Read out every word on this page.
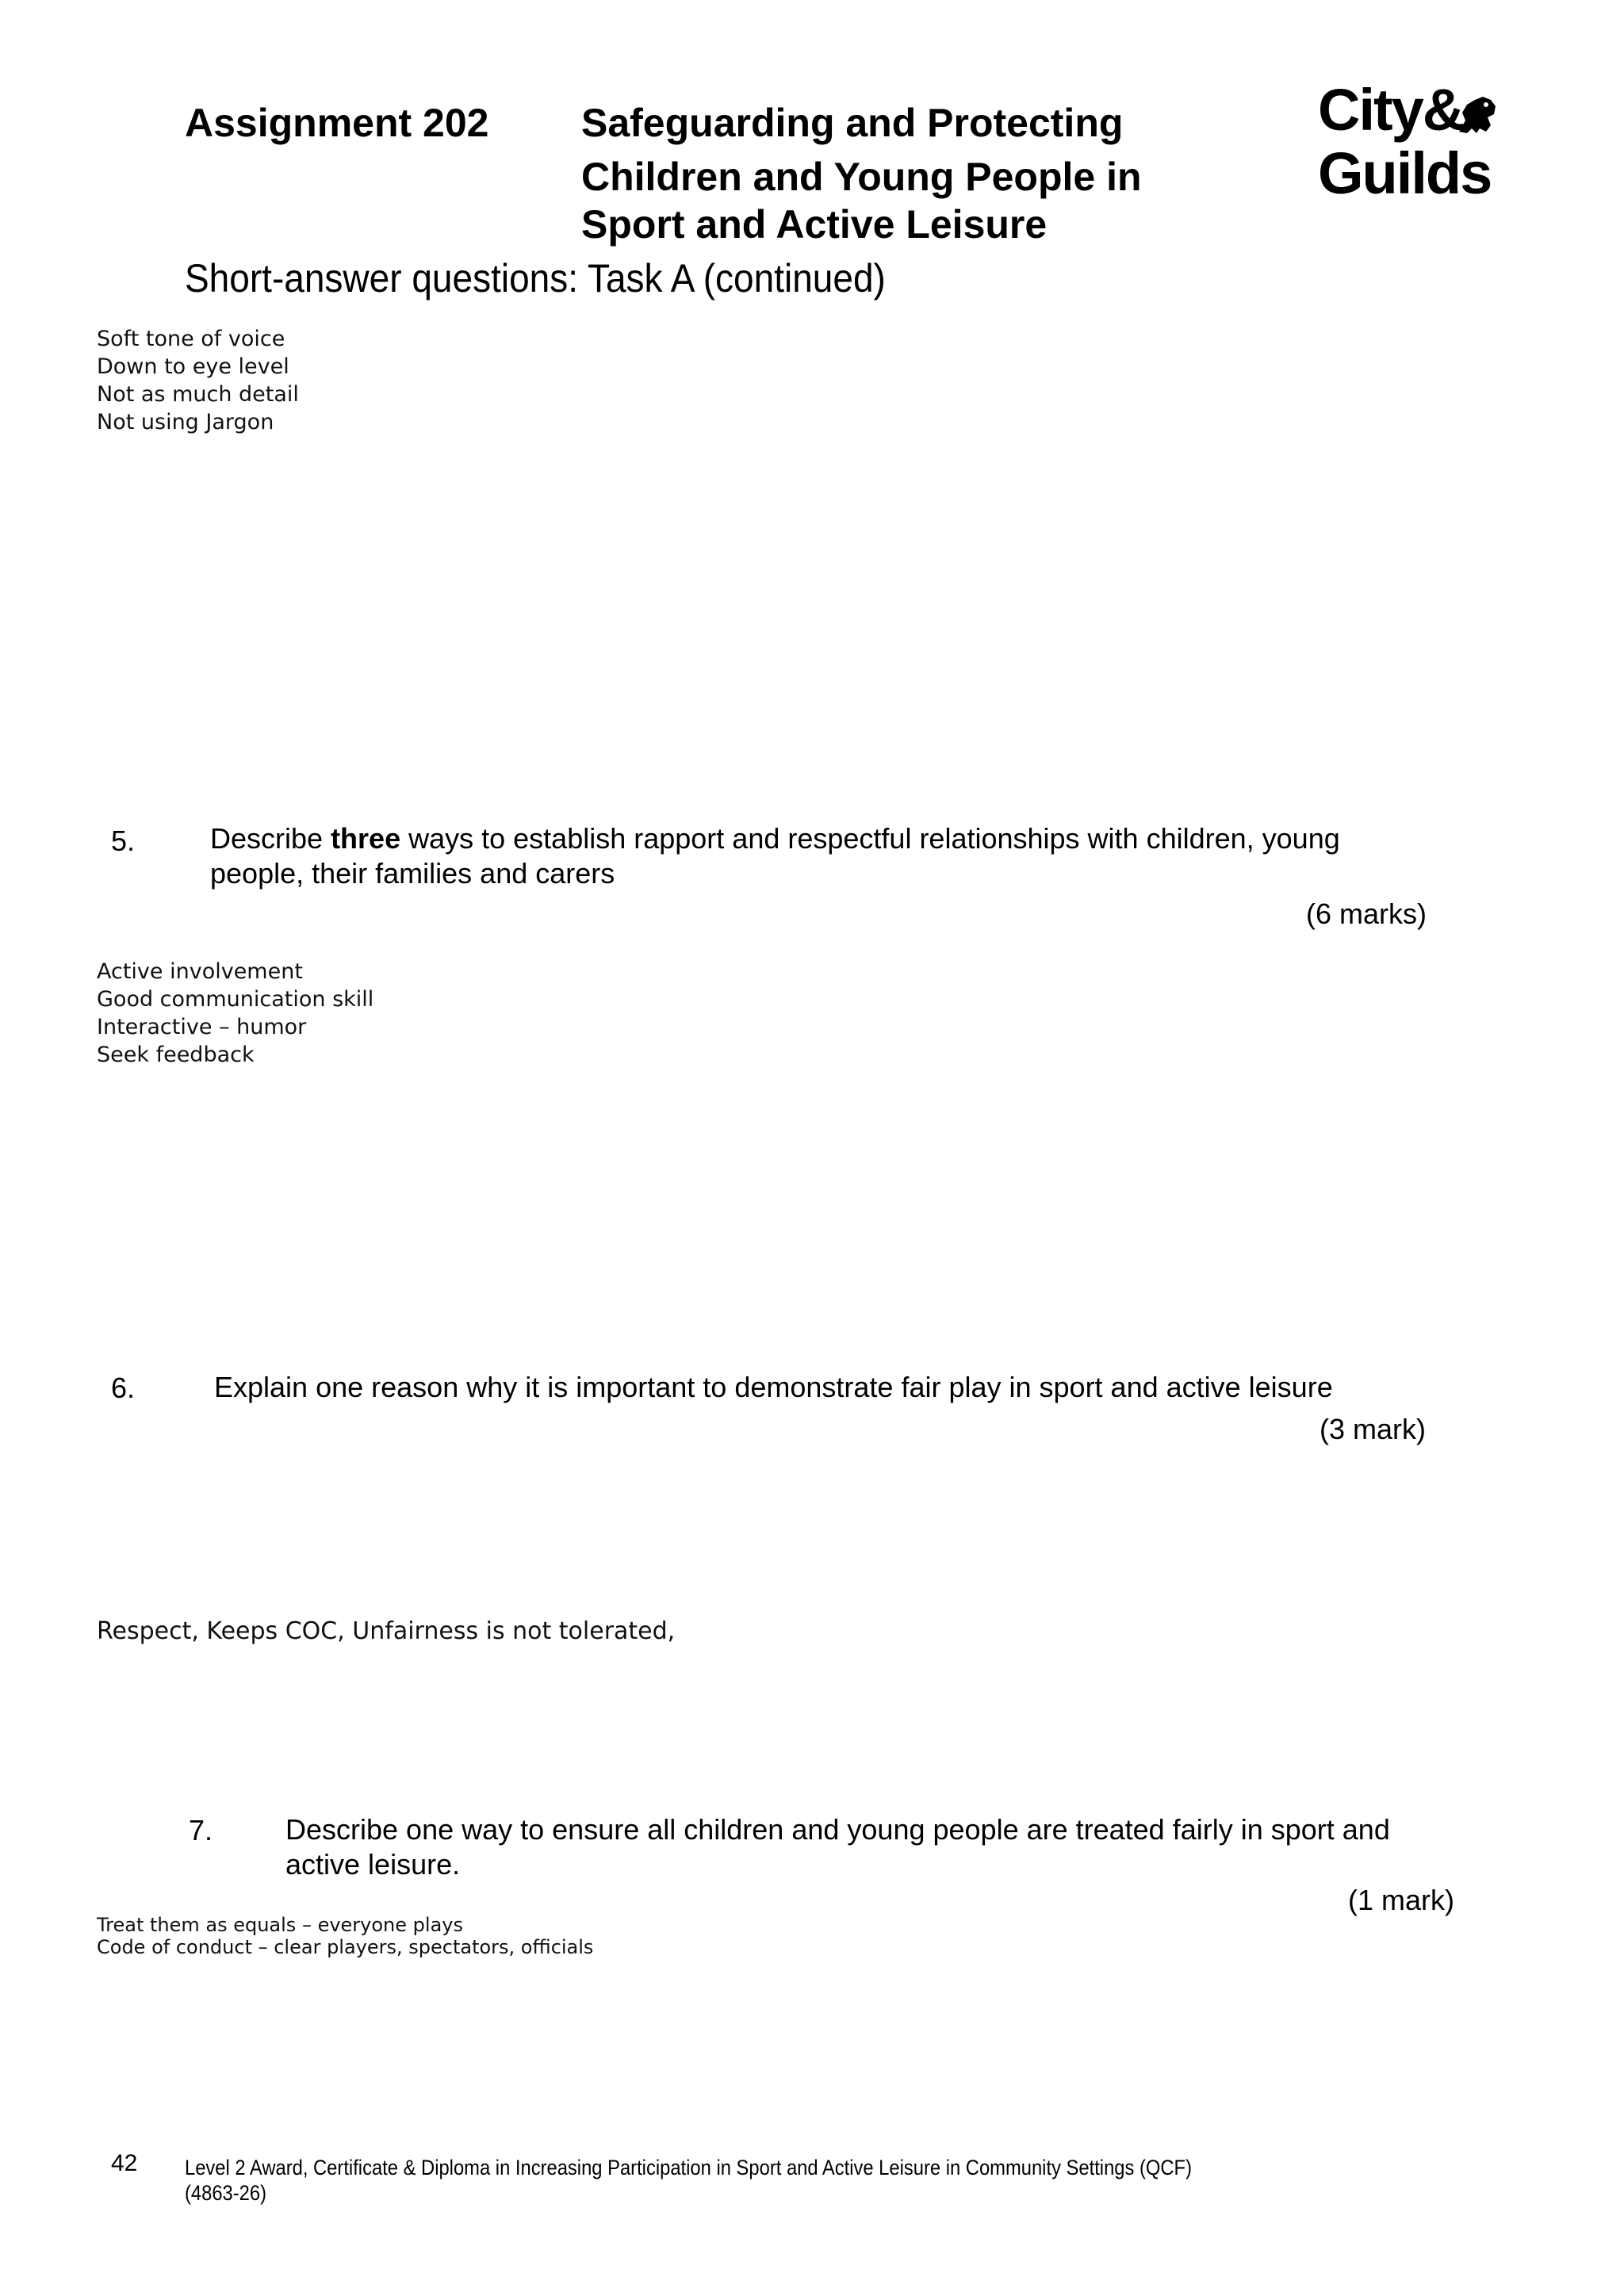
Assignment 202 Safeguarding and Protecting
Children and Young People in
Sport and Active Leisure
Short-answer questions: Task A (continued)
City&
Guilds
Soft tone of voice
Down to eye level
Not as much detail
Not using Jargon
5.	Describe three ways to establish rapport and respectful relationships with children, young
people, their families and carers
(6 marks)
Active involvement
Good communication skill
Interactive – humor
Seek feedback
6.	Explain one reason why it is important to demonstrate fair play in sport and active leisure
(3 mark)
Respect, Keeps COC, Unfairness is not tolerated,
7.	Describe one way to ensure all children and young people are treated fairly in sport and
active leisure.
(1 mark)
Treat them as equals – everyone plays
Code of conduct – clear players, spectators, officials
42 Level 2 Award, Certificate & Diploma in Increasing Participation in Sport and Active Leisure in Community Settings (QCF)
(4863-26)
